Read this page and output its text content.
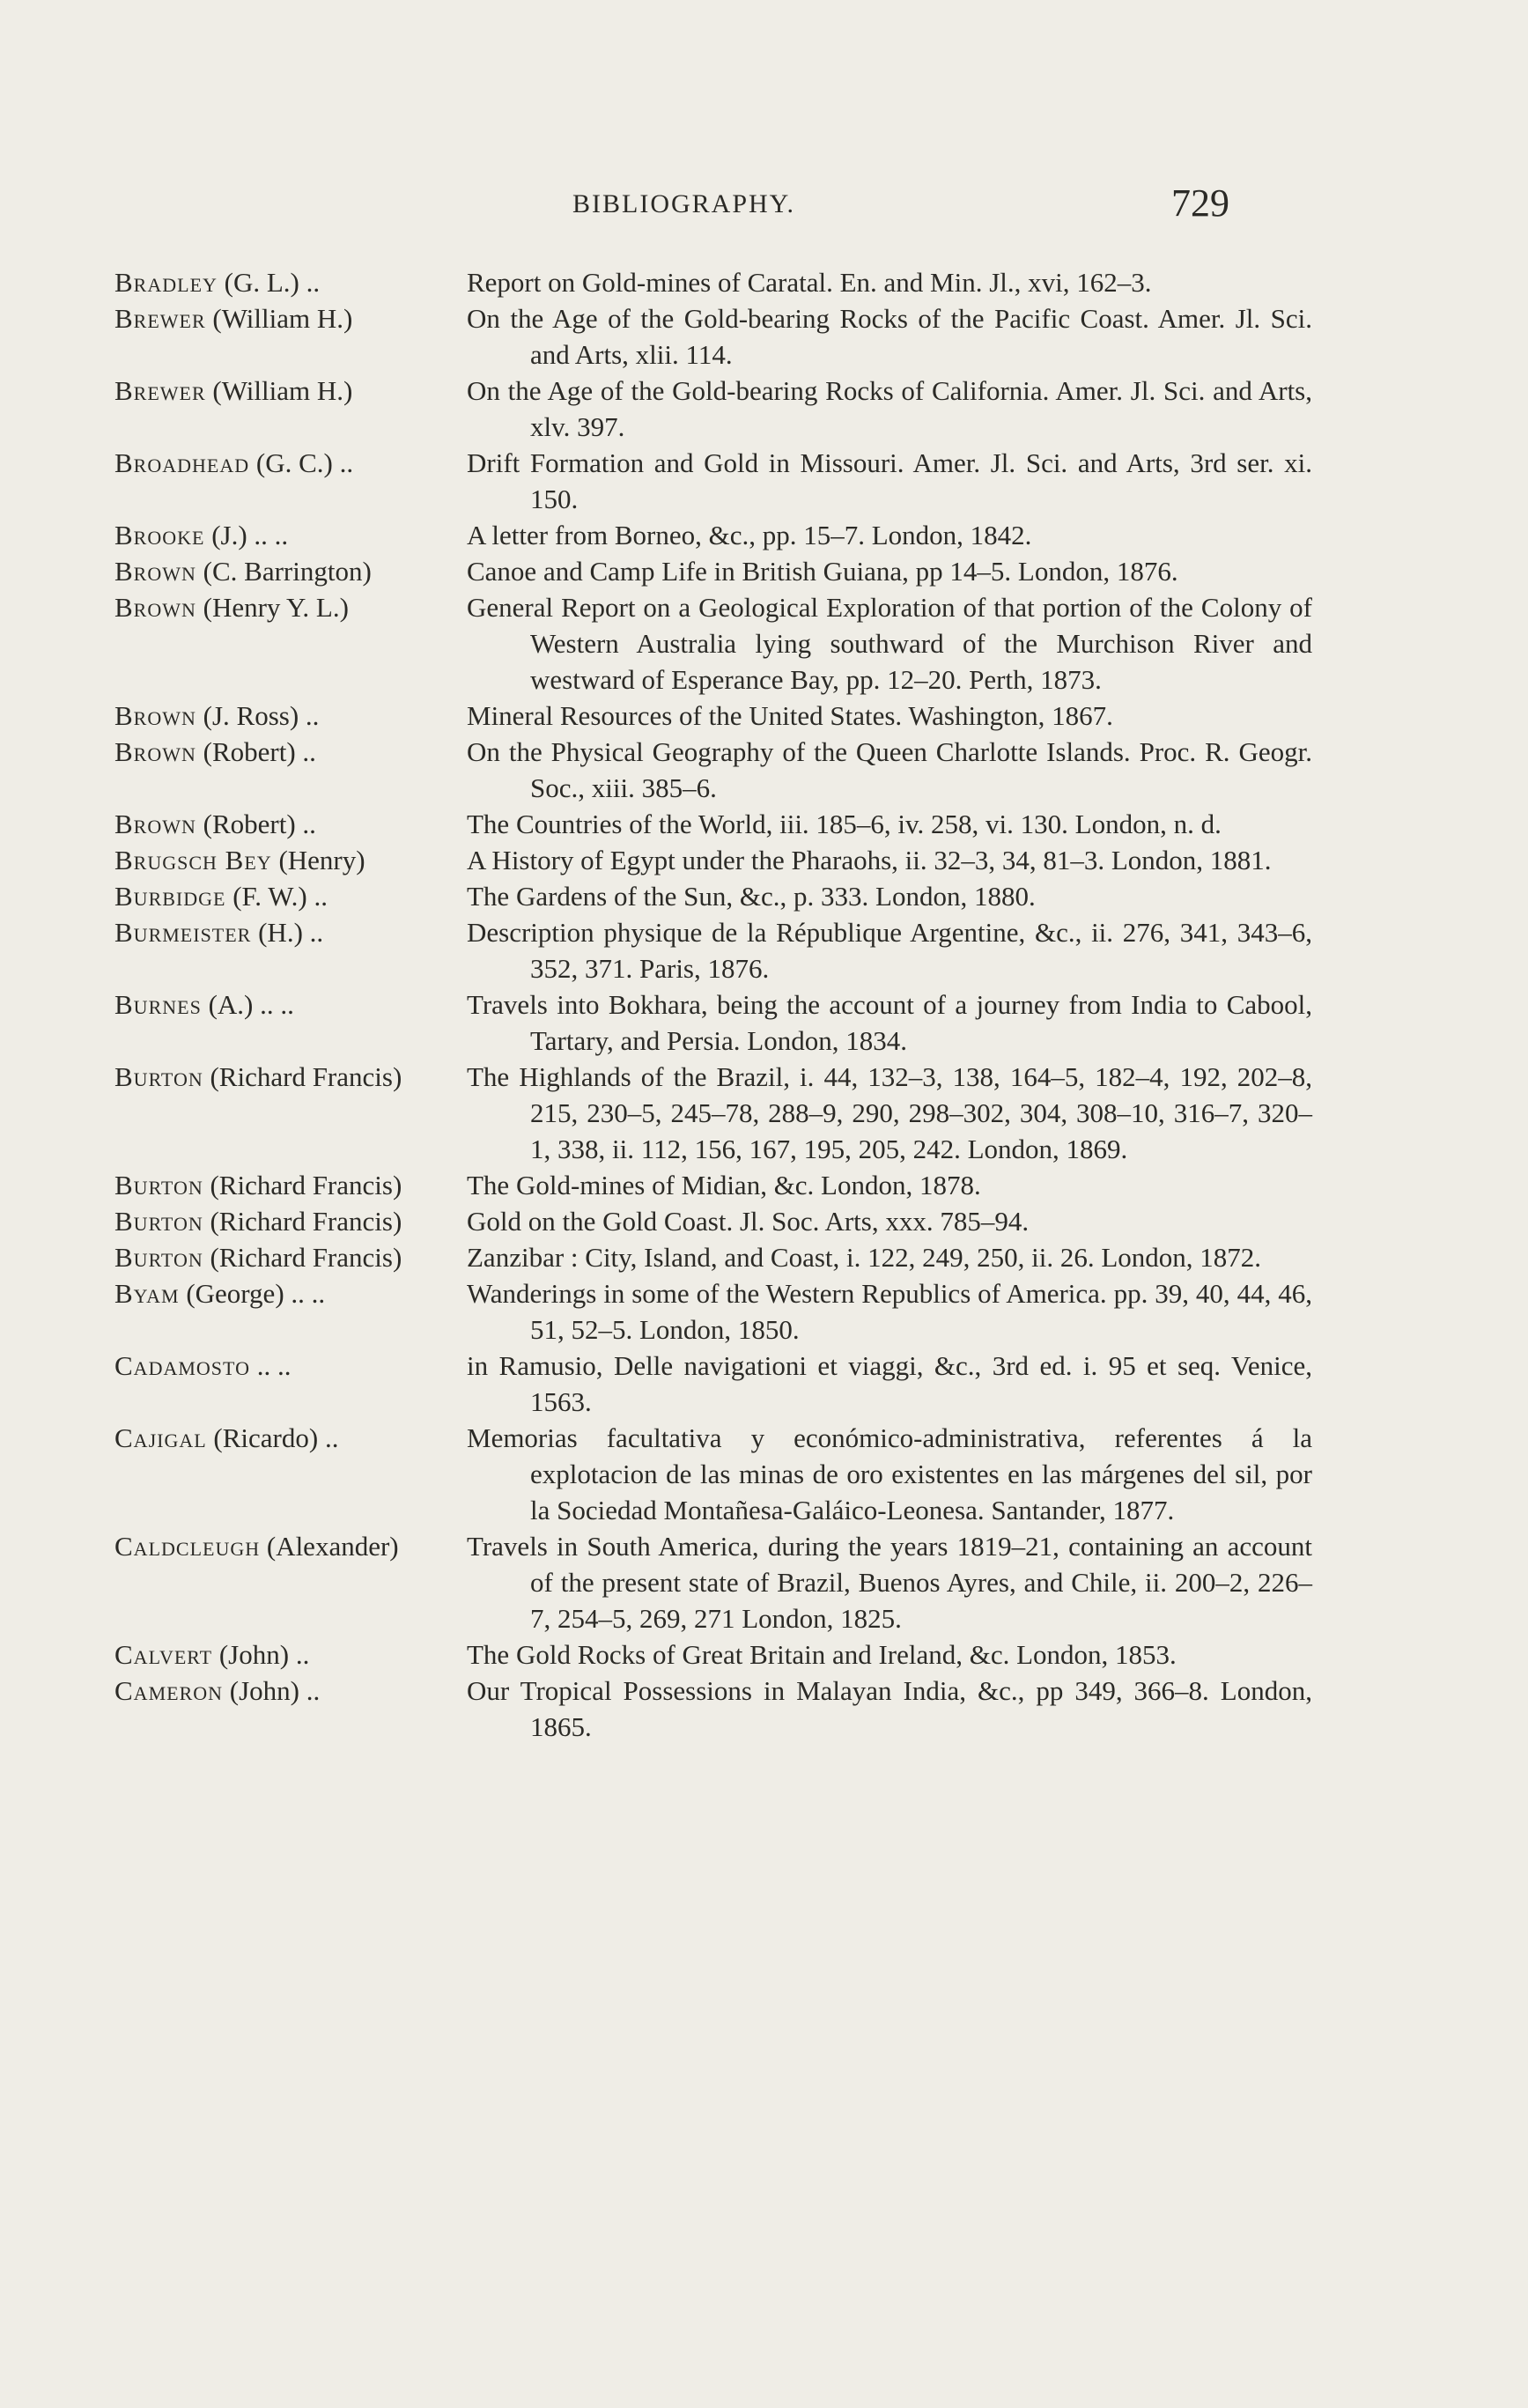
BIBLIOGRAPHY.	729
Bradley (G. L.) ..	Report on Gold-mines of Caratal. En. and Min. Jl., xvi, 162–3.
Brewer (William H.)	On the Age of the Gold-bearing Rocks of the Pacific Coast. Amer. Jl. Sci. and Arts, xlii. 114.
Brewer (William H.)	On the Age of the Gold-bearing Rocks of California. Amer. Jl. Sci. and Arts, xlv. 397.
Broadhead (G. C.) ..	Drift Formation and Gold in Missouri. Amer. Jl. Sci. and Arts, 3rd ser. xi. 150.
Brooke (J.) .. ..	A letter from Borneo, &c., pp. 15–7. London, 1842.
Brown (C. Barrington)	Canoe and Camp Life in British Guiana, pp 14–5. London, 1876.
Brown (Henry Y. L.)	General Report on a Geological Exploration of that portion of the Colony of Western Australia lying southward of the Murchison River and westward of Esperance Bay, pp. 12–20. Perth, 1873.
Brown (J. Ross) ..	Mineral Resources of the United States. Washington, 1867.
Brown (Robert) ..	On the Physical Geography of the Queen Charlotte Islands. Proc. R. Geogr. Soc., xiii. 385–6.
Brown (Robert) ..	The Countries of the World, iii. 185–6, iv. 258, vi. 130. London, n. d.
Brugsch Bey (Henry)	A History of Egypt under the Pharaohs, ii. 32–3, 34, 81–3. London, 1881.
Burbidge (F. W.) ..	The Gardens of the Sun, &c., p. 333. London, 1880.
Burmeister (H.) ..	Description physique de la République Argentine, &c., ii. 276, 341, 343–6, 352, 371. Paris, 1876.
Burnes (A.) .. ..	Travels into Bokhara, being the account of a journey from India to Cabool, Tartary, and Persia. London, 1834.
Burton (Richard Francis)	The Highlands of the Brazil, i. 44, 132–3, 138, 164–5, 182–4, 192, 202–8, 215, 230–5, 245–78, 288–9, 290, 298–302, 304, 308–10, 316–7, 320–1, 338, ii. 112, 156, 167, 195, 205, 242. London, 1869.
Burton (Richard Francis)	The Gold-mines of Midian, &c. London, 1878.
Burton (Richard Francis)	Gold on the Gold Coast. Jl. Soc. Arts, xxx. 785–94.
Burton (Richard Francis)	Zanzibar : City, Island, and Coast, i. 122, 249, 250, ii. 26. London, 1872.
Byam (George) .. ..	Wanderings in some of the Western Republics of America. pp. 39, 40, 44, 46, 51, 52–5. London, 1850.
Cadamosto .. ..	in Ramusio, Delle navigationi et viaggi, &c., 3rd ed. i. 95 et seq. Venice, 1563.
Cajigal (Ricardo) ..	Memorias facultativa y económico-administrativa, referentes á la explotacion de las minas de oro existentes en las márgenes del sil, por la Sociedad Montañesa-Galáico-Leonesa. Santander, 1877.
Caldcleugh (Alexander)	Travels in South America, during the years 1819–21, containing an account of the present state of Brazil, Buenos Ayres, and Chile, ii. 200–2, 226–7, 254–5, 269, 271 London, 1825.
Calvert (John) ..	The Gold Rocks of Great Britain and Ireland, &c. London, 1853.
Cameron (John) ..	Our Tropical Possessions in Malayan India, &c., pp 349, 366–8. London, 1865.
